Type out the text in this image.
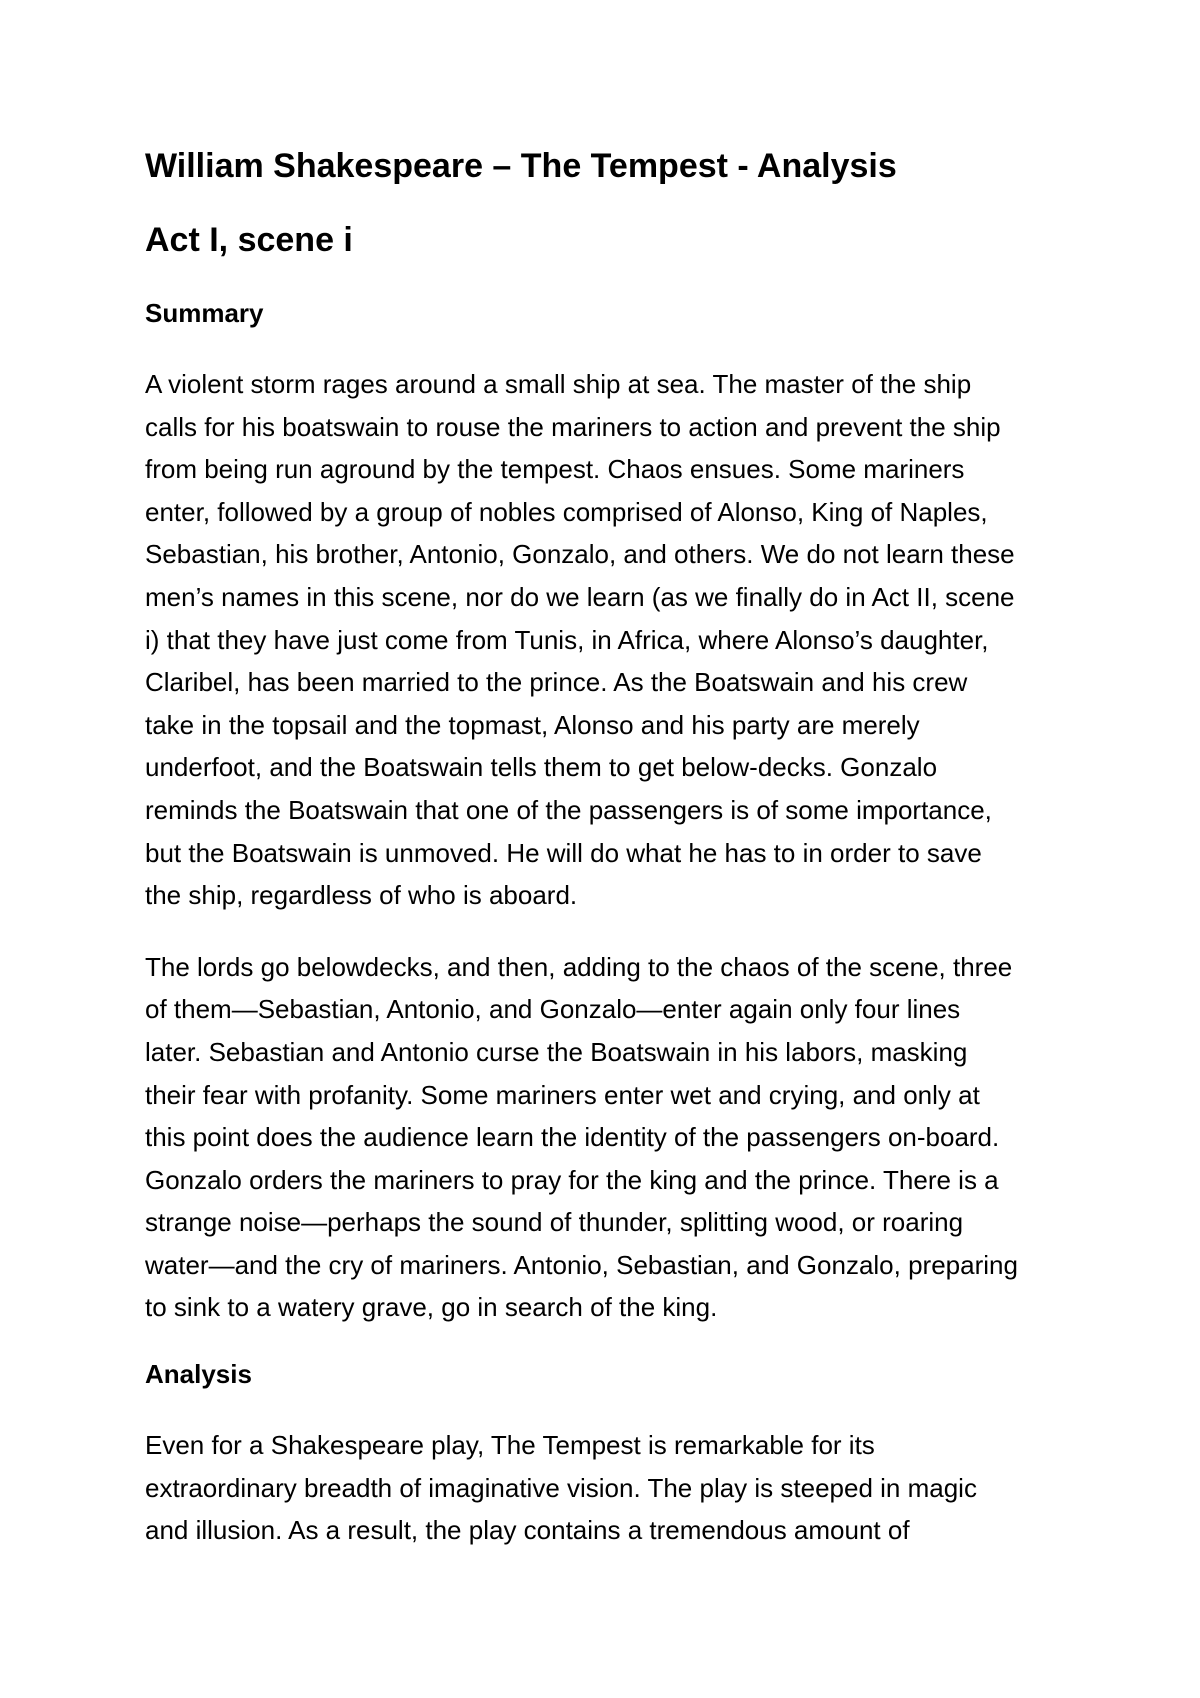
William Shakespeare – The Tempest - Analysis
Act I, scene i
Summary

A violent storm rages around a small ship at sea. The master of the ship
calls for his boatswain to rouse the mariners to action and prevent the ship
from being run aground by the tempest. Chaos ensues. Some mariners
enter, followed by a group of nobles comprised of Alonso, King of Naples,
Sebastian, his brother, Antonio, Gonzalo, and others. We do not learn these
men’s names in this scene, nor do we learn (as we finally do in Act II, scene
i) that they have just come from Tunis, in Africa, where Alonso’s daughter,
Claribel, has been married to the prince. As the Boatswain and his crew
take in the topsail and the topmast, Alonso and his party are merely
underfoot, and the Boatswain tells them to get below-decks. Gonzalo
reminds the Boatswain that one of the passengers is of some importance,
but the Boatswain is unmoved. He will do what he has to in order to save
the ship, regardless of who is aboard.

The lords go belowdecks, and then, adding to the chaos of the scene, three
of them—Sebastian, Antonio, and Gonzalo—enter again only four lines
later. Sebastian and Antonio curse the Boatswain in his labors, masking
their fear with profanity. Some mariners enter wet and crying, and only at
this point does the audience learn the identity of the passengers on-board.
Gonzalo orders the mariners to pray for the king and the prince. There is a
strange noise—perhaps the sound of thunder, splitting wood, or roaring
water—and the cry of mariners. Antonio, Sebastian, and Gonzalo, preparing
to sink to a watery grave, go in search of the king.

Analysis

Even for a Shakespeare play, The Tempest is remarkable for its
extraordinary breadth of imaginative vision. The play is steeped in magic
and illusion. As a result, the play contains a tremendous amount of
